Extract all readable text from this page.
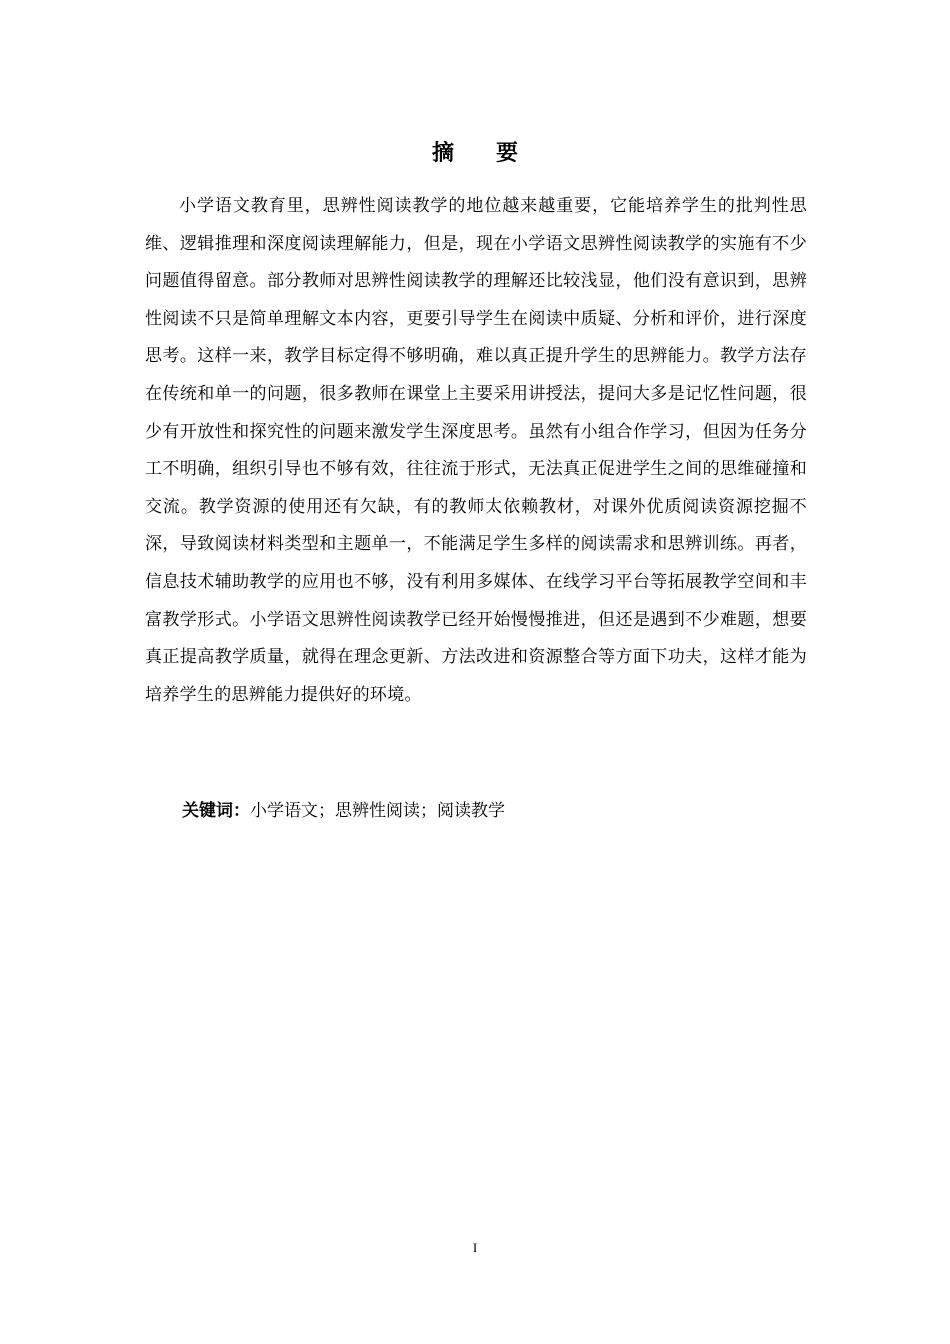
摘 要

小学语文教育里，思辨性阅读教学的地位越来越重要，它能培养学生的批判性思维、逻辑推理和深度阅读理解能力，但是，现在小学语文思辨性阅读教学的实施有不少问题值得留意。部分教师对思辨性阅读教学的理解还比较浅显，他们没有意识到，思辨性阅读不只是简单理解文本内容，更要引导学生在阅读中质疑、分析和评价，进行深度思考。这样一来，教学目标定得不够明确，难以真正提升学生的思辨能力。教学方法存在传统和单一的问题，很多教师在课堂上主要采用讲授法，提问大多是记忆性问题，很少有开放性和探究性的问题来激发学生深度思考。虽然有小组合作学习，但因为任务分工不明确，组织引导也不够有效，往往流于形式，无法真正促进学生之间的思维碰撞和交流。教学资源的使用还有欠缺，有的教师太依赖教材，对课外优质阅读资源挖掘不深，导致阅读材料类型和主题单一，不能满足学生多样的阅读需求和思辨训练。再者，信息技术辅助教学的应用也不够，没有利用多媒体、在线学习平台等拓展教学空间和丰富教学形式。小学语文思辨性阅读教学已经开始慢慢推进，但还是遇到不少难题，想要真正提高教学质量，就得在理念更新、方法改进和资源整合等方面下功夫，这样才能为培养学生的思辨能力提供好的环境。

关键词：小学语文；思辨性阅读；阅读教学
I
